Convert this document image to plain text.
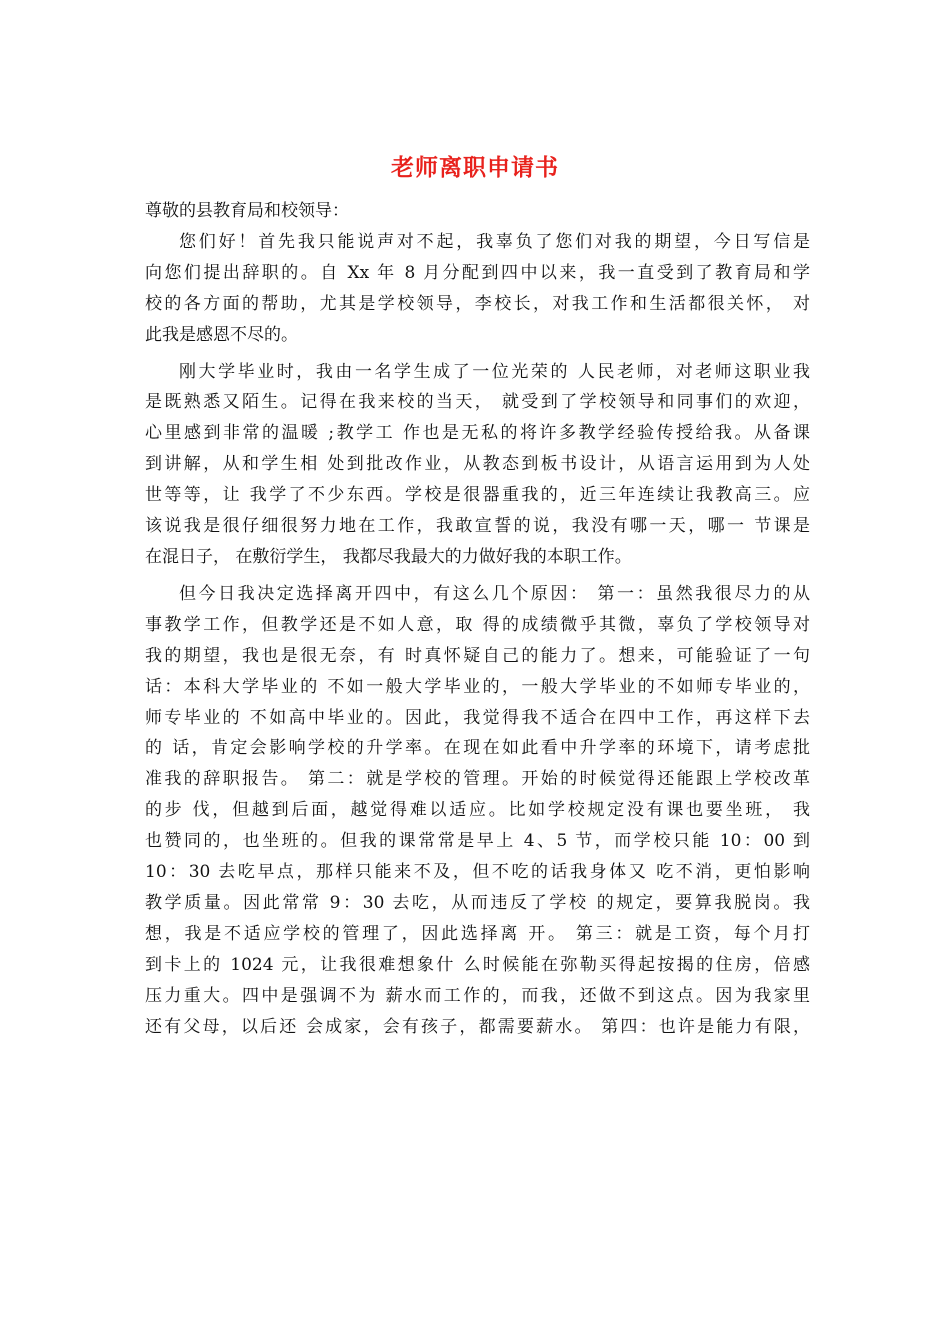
老师离职申请书

尊敬的县教育局和校领导：

您们好！首先我只能说声对不起，我辜负了您们对我的期望，今日写信是
向您们提出辞职的。自 Xx 年 8 月分配到四中以来，我一直受到了教育局和学
校的各方面的帮助，尤其是学校领导，李校长，对我工作和生活都很关怀， 对
此我是感恩不尽的。
刚大学毕业时，我由一名学生成了一位光荣的 人民老师，对老师这职业我
是既熟悉又陌生。记得在我来校的当天， 就受到了学校领导和同事们的欢迎，
心里感到非常的温暖 ;教学工 作也是无私的将许多教学经验传授给我。从备课
到讲解，从和学生相 处到批改作业，从教态到板书设计，从语言运用到为人处
世等等，让 我学了不少东西。学校是很器重我的，近三年连续让我教高三。应
该说我是很仔细很努力地在工作，我敢宣誓的说，我没有哪一天，哪一 节课是
在混日子， 在敷衍学生， 我都尽我最大的力做好我的本职工作。
但今日我决定选择离开四中，有这么几个原因： 第一：虽然我很尽力的从
事教学工作，但教学还是不如人意，取 得的成绩微乎其微，辜负了学校领导对
我的期望，我也是很无奈，有 时真怀疑自己的能力了。想来，可能验证了一句
话：本科大学毕业的 不如一般大学毕业的，一般大学毕业的不如师专毕业的，
师专毕业的 不如高中毕业的。因此，我觉得我不适合在四中工作，再这样下去
的 话，肯定会影响学校的升学率。在现在如此看中升学率的环境下，请考虑批
准我的辞职报告。 第二：就是学校的管理。开始的时候觉得还能跟上学校改革
的步 伐，但越到后面，越觉得难以适应。比如学校规定没有课也要坐班， 我
也赞同的，也坐班的。但我的课常常是早上 4、5 节，而学校只能 10：00 到
10：30 去吃早点，那样只能来不及，但不吃的话我身体又 吃不消，更怕影响
教学质量。因此常常 9：30 去吃，从而违反了学校 的规定，要算我脱岗。我
想，我是不适应学校的管理了，因此选择离 开。 第三：就是工资，每个月打
到卡上的 1024 元，让我很难想象什 么时候能在弥勒买得起按揭的住房，倍感
压力重大。四中是强调不为 薪水而工作的，而我，还做不到这点。因为我家里
还有父母，以后还 会成家，会有孩子，都需要薪水。 第四：也许是能力有限，
